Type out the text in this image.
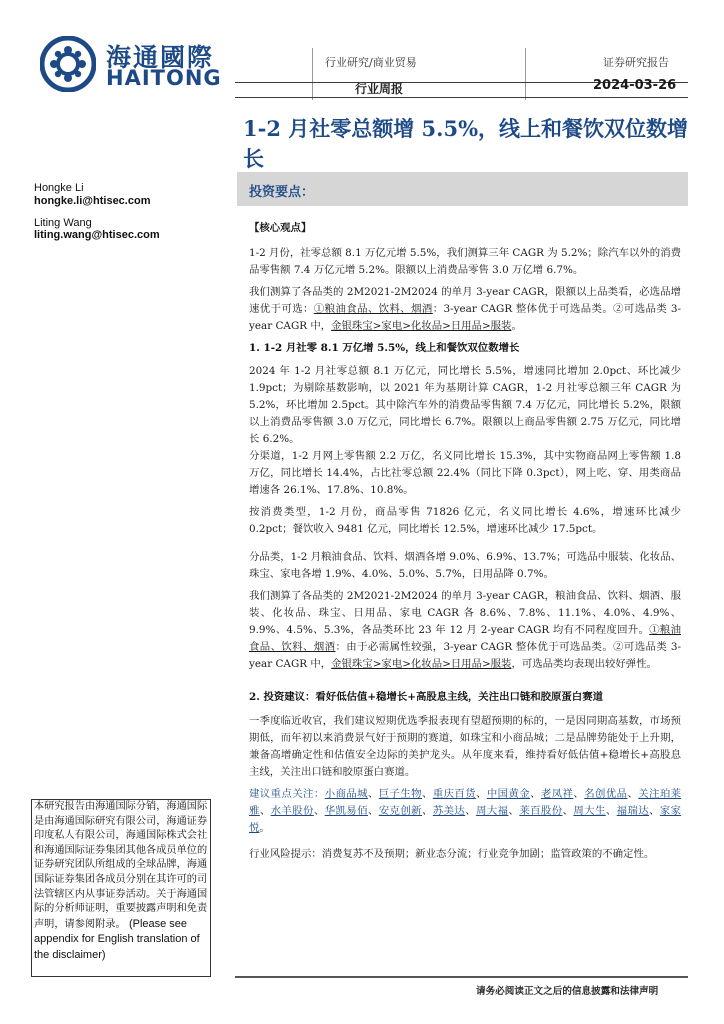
海通國際
HAITONG
行业研究/商业贸易
行业周报
证券研究报告
2024-03-26
1-2 月社零总额增 5.5%，线上和餐饮双位数增长
Hongke Li
hongke.li@htisec.com
Liting Wang
liting.wang@htisec.com
投资要点：
【核心观点】

1-2 月份，社零总额 8.1 万亿元增 5.5%，我们测算三年 CAGR 为 5.2%；除汽车以外的消费品零售额 7.4 万亿元增 5.2%。限额以上消费品零售 3.0 万亿增 6.7%。

我们测算了各品类的 2M2021-2M2024 的单月 3-year CAGR，限额以上品类看，必选品增速优于可选：①粮油食品、饮料、烟酒：3-year CAGR 整体优于可选品类。②可选品类 3-year CAGR 中，金银珠宝>家电>化妆品>日用品>服装。

1. 1-2 月社零 8.1 万亿增 5.5%，线上和餐饮双位数增长

2024 年 1-2 月社零总额 8.1 万亿元，同比增长 5.5%，增速同比增加 2.0pct、环比减少 1.9pct；为剔除基数影响，以 2021 年为基期计算 CAGR，1-2 月社零总额三年 CAGR 为 5.2%，环比增加 2.5pct。其中除汽车外的消费品零售额 7.4 万亿元，同比增长 5.2%，限额以上消费品零售额 3.0 万亿元，同比增长 6.7%。限额以上商品零售额 2.75 万亿元，同比增长 6.2%。

分渠道，1-2 月网上零售额 2.2 万亿，名义同比增长 15.3%，其中实物商品网上零售额 1.8 万亿，同比增长 14.4%，占比社零总额 22.4%（同比下降 0.3pct），网上吃、穿、用类商品增速各 26.1%、17.8%、10.8%。

按消费类型，1-2 月份，商品零售 71826 亿元，名义同比增长 4.6%，增速环比减少 0.2pct；餐饮收入 9481 亿元，同比增长 12.5%，增速环比减少 17.5pct。

分品类，1-2 月粮油食品、饮料、烟酒各增 9.0%、6.9%、13.7%；可选品中服装、化妆品、珠宝、家电各增 1.9%、4.0%、5.0%、5.7%，日用品降 0.7%。

我们测算了各品类的 2M2021-2M2024 的单月 3-year CAGR，粮油食品、饮料、烟酒、服装、化妆品、珠宝、日用品、家电 CAGR 各 8.6%、7.8%、11.1%、4.0%、4.9%、9.9%、4.5%、5.3%，各品类环比 23 年 12 月 2-year CAGR 均有不同程度回升。①粮油食品、饮料、烟酒：由于必需属性较强，3-year CAGR 整体优于可选品类。②可选品类 3-year CAGR 中，金银珠宝>家电>化妆品>日用品>服装，可选品类均表现出较好弹性。

2. 投资建议：看好低估值+稳增长+高股息主线，关注出口链和胶原蛋白赛道

一季度临近收官，我们建议短期优选季报表现有望超预期的标的，一是因同期高基数，市场预期低，而年初以来消费景气好于预期的赛道，如珠宝和小商品城；二是品牌势能处于上升期，兼备高增确定性和估值安全边际的美护龙头。从年度来看，维持看好低估值+稳增长+高股息主线，关注出口链和胶原蛋白赛道。

建议重点关注：小商品城、巨子生物、重庆百货、中国黄金、老凤祥、名创优品、关注珀莱雅、水羊股份、华凯易佰、安克创新、苏美达、周大福、莱百股份、周大生、福瑞达、家家悦。

行业风险提示：消费复苏不及预期；新业态分流；行业竞争加剧；监管政策的不确定性。

本研究报告由海通国际分销，海通国际是由海通国际研究有限公司，海通证券印度私人有限公司，海通国际株式会社和海通国际证券集团其他各成员单位的证券研究团队所组成的全球品牌，海通国际证券集团各成员分别在其许可的司法管辖区内从事证券活动。关于海通国际的分析师证明，重要披露声明和免责声明，请参阅附录。 (Please see appendix for English translation of the disclaimer)
请务必阅读正文之后的信息披露和法律声明
